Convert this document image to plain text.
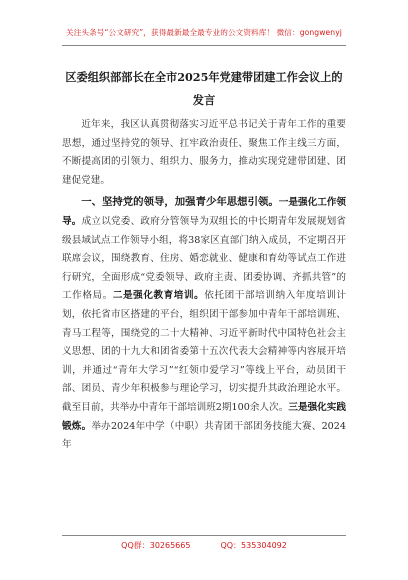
关注头条号“公文研究”，获得最新最全最专业的公文资料库！ 微信：gongwenyj
区委组织部部长在全市2025年党建带团建工作会议上的发言

近年来，我区认真贯彻落实习近平总书记关于青年工作的重要思想，通过坚持党的领导、扛牢政治责任、聚焦工作主线三方面，不断提高团的引领力、组织力、服务力，推动实现党建带团建、团建促党建。

一、坚持党的领导，加强青少年思想引领。一是强化工作领导。成立以党委、政府分管领导为双组长的中长期青年发展规划省级县域试点工作领导小组，将38家区直部门纳入成员，不定期召开联席会议，围绕教育、住房、婚恋就业、健康和育幼等试点工作进行研究，全面形成“党委领导、政府主责、团委协调、齐抓共管”的工作格局。二是强化教育培训。依托团干部培训纳入年度培训计划，依托省市区搭建的平台，组织团干部参加中青年干部培训班、青马工程等，围绕党的二十大精神、习近平新时代中国特色社会主义思想、团的十九大和团省委第十五次代表大会精神等内容展开培训，并通过“青年大学习”“红领巾爱学习”等线上平台，动员团干部、团员、青少年积极参与理论学习，切实提升其政治理论水平。截至目前，共举办中青年干部培训班2期100余人次。三是强化实践锻炼。举办2024年中学（中职）共青团干部团务技能大赛、2024年

QQ群：30265665	QQ：535304092
